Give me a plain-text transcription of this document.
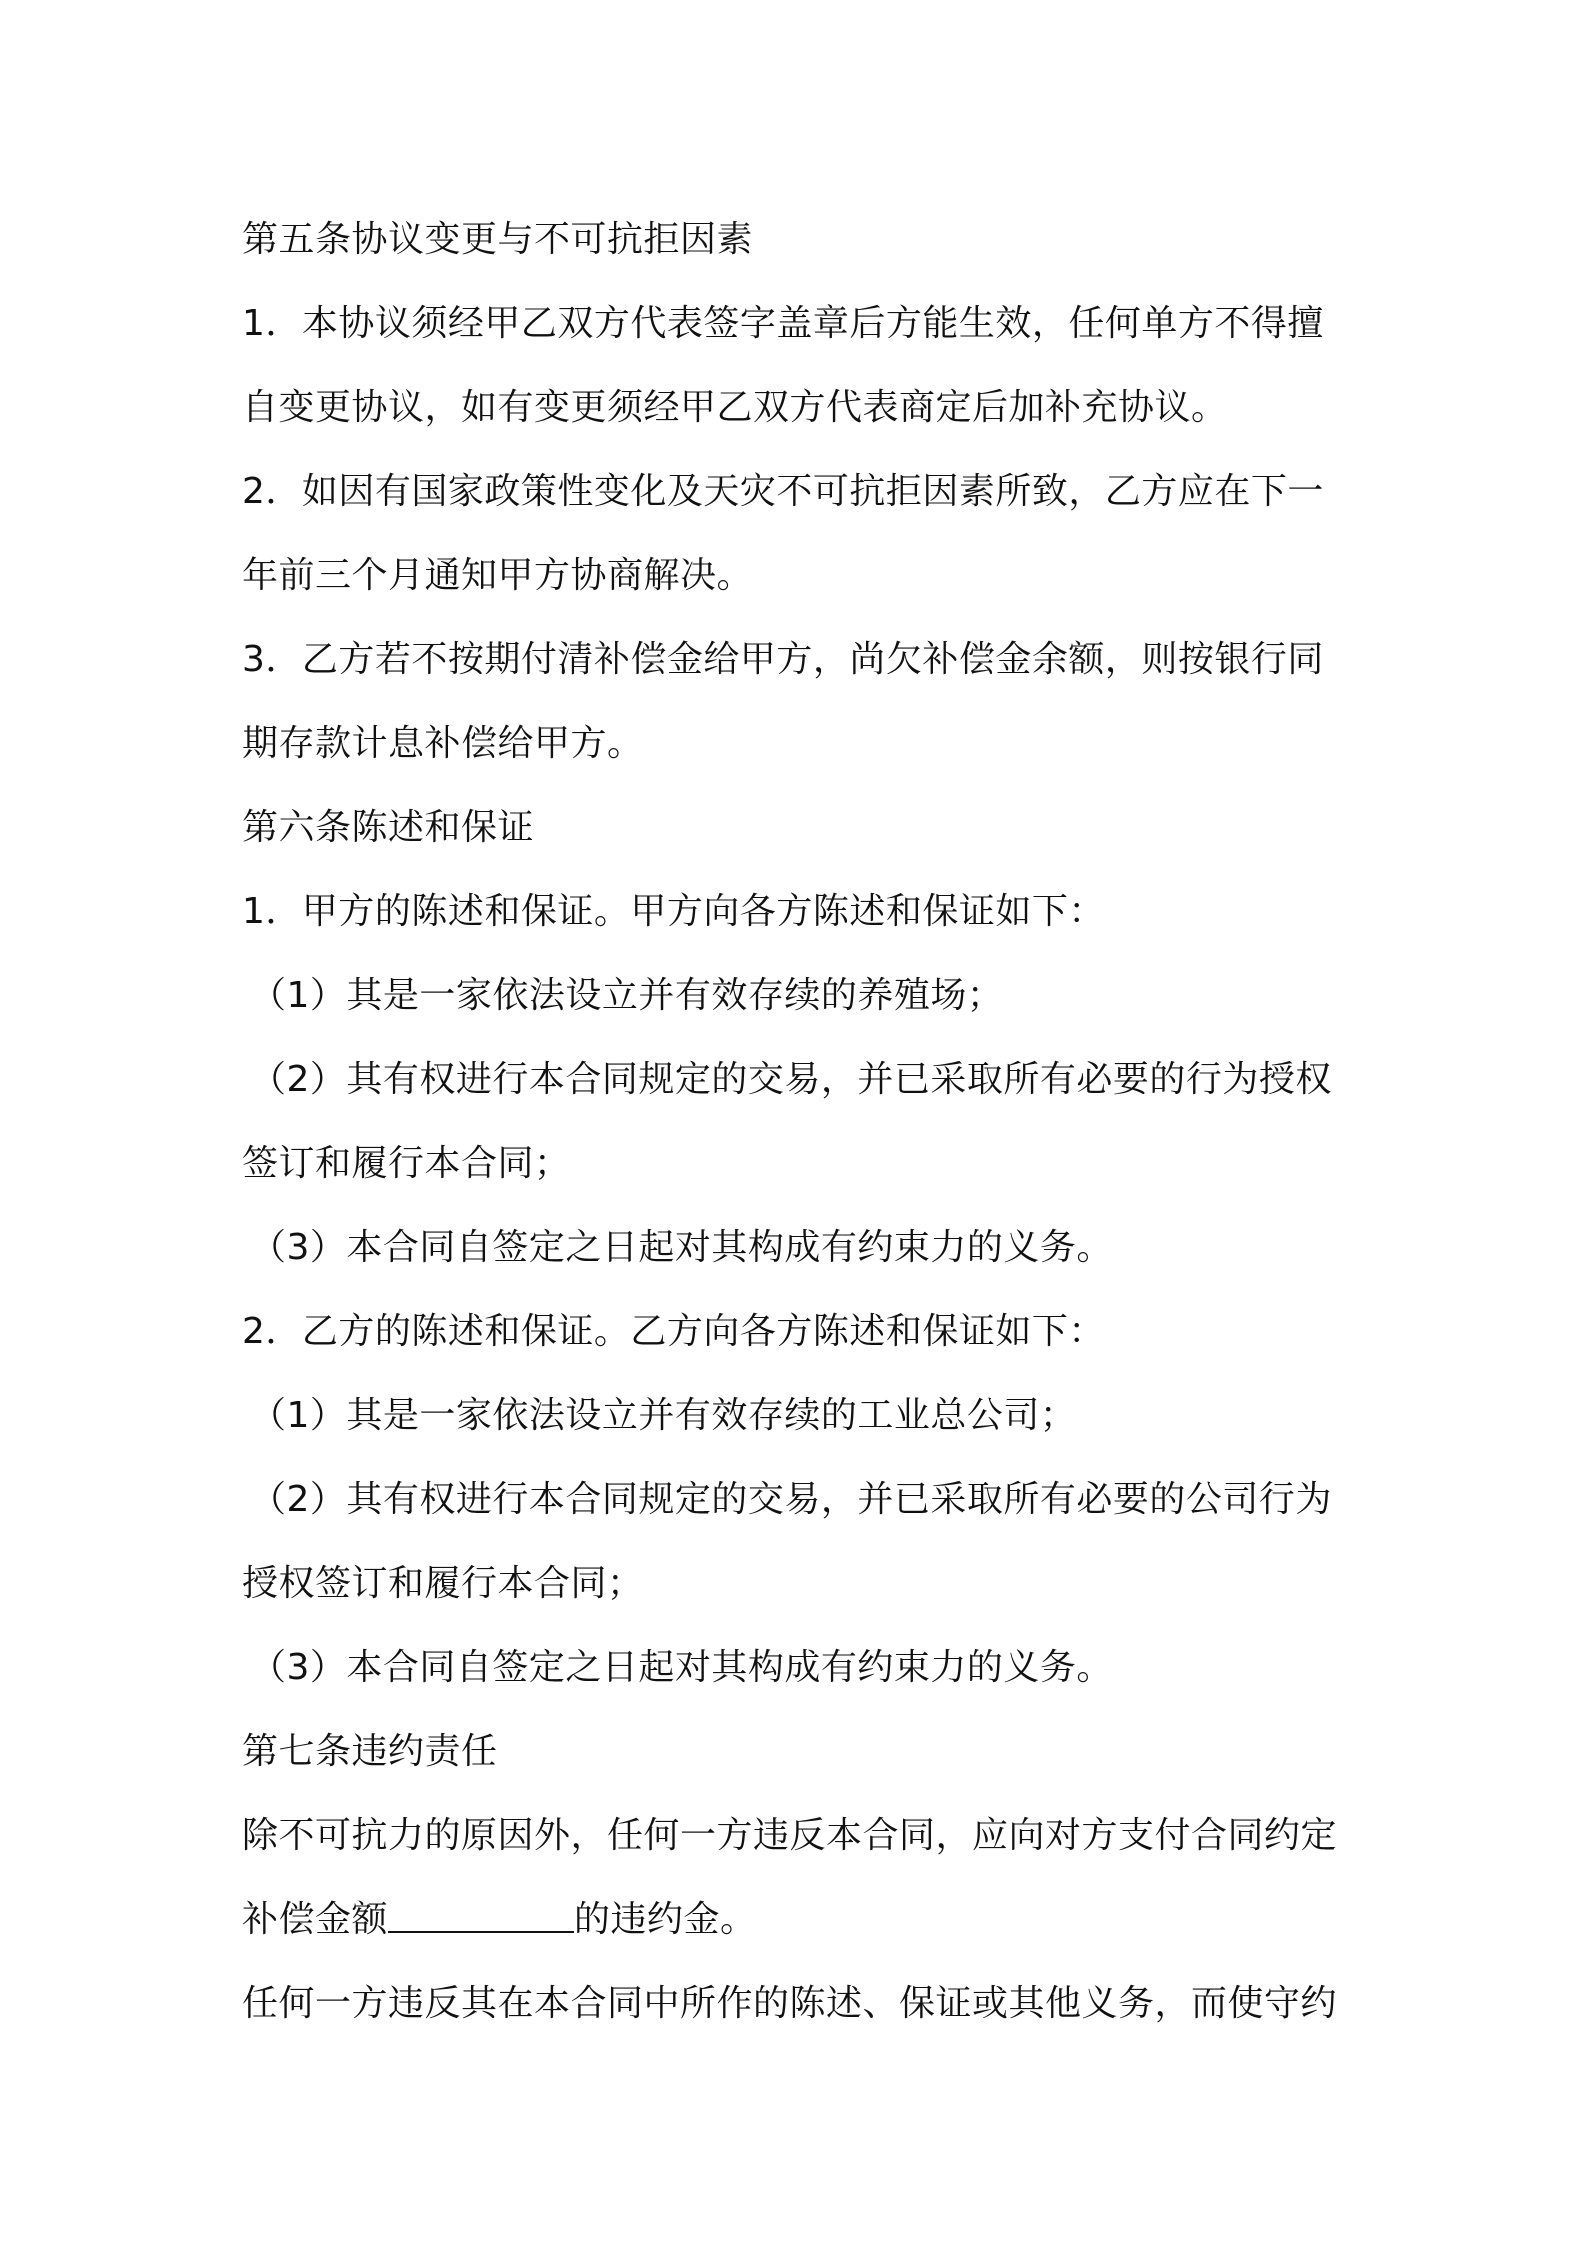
第五条协议变更与不可抗拒因素
1．本协议须经甲乙双方代表签字盖章后方能生效，任何单方不得擅
自变更协议，如有变更须经甲乙双方代表商定后加补充协议。
2．如因有国家政策性变化及天灾不可抗拒因素所致，乙方应在下一
年前三个月通知甲方协商解决。
3．乙方若不按期付清补偿金给甲方，尚欠补偿金余额，则按银行同
期存款计息补偿给甲方。
第六条陈述和保证
1．甲方的陈述和保证。甲方向各方陈述和保证如下：
（1）其是一家依法设立并有效存续的养殖场；
（2）其有权进行本合同规定的交易，并已采取所有必要的行为授权
签订和履行本合同；
（3）本合同自签定之日起对其构成有约束力的义务。
2．乙方的陈述和保证。乙方向各方陈述和保证如下：
（1）其是一家依法设立并有效存续的工业总公司；
（2）其有权进行本合同规定的交易，并已采取所有必要的公司行为
授权签订和履行本合同；
（3）本合同自签定之日起对其构成有约束力的义务。
第七条违约责任
除不可抗力的原因外，任何一方违反本合同，应向对方支付合同约定
补偿金额	的违约金。
任何一方违反其在本合同中所作的陈述、保证或其他义务，而使守约
